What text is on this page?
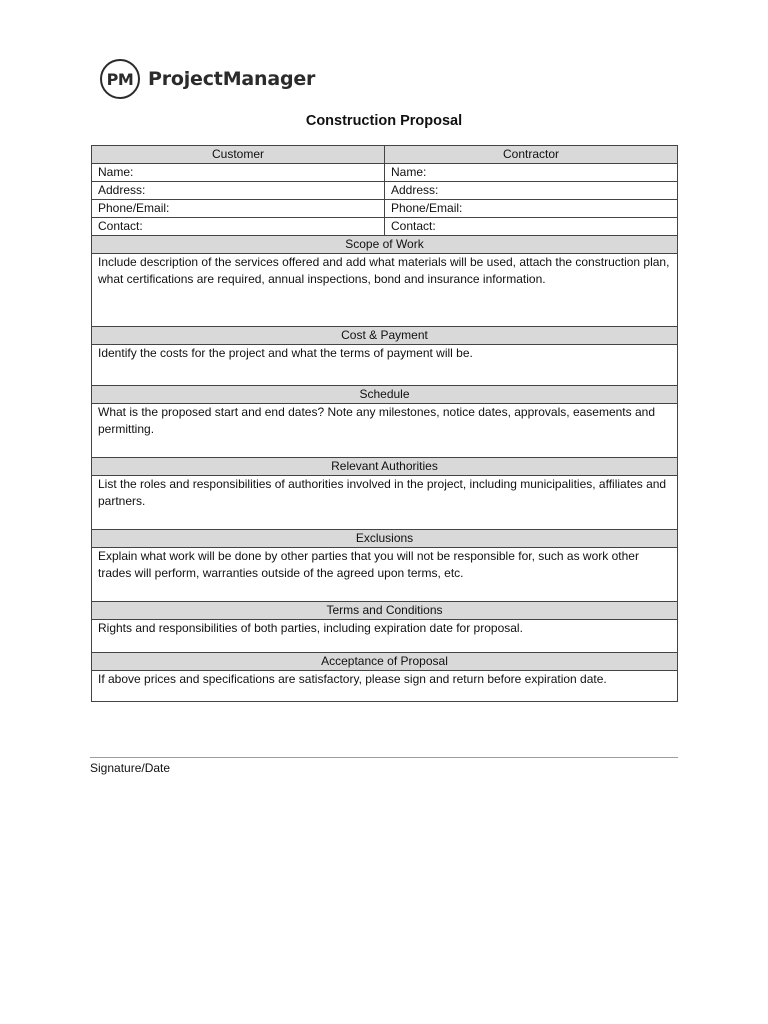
PM ProjectManager
Construction Proposal
Customer	Contractor
Name:	Name:
Address:	Address:
Phone/Email:	Phone/Email:
Contact:	Contact:
Scope of Work	
Include description of the services offered and add what materials will be used, attach the construction plan, what certifications are required, annual inspections, bond and insurance information.	
Cost & Payment	
Identify the costs for the project and what the terms of payment will be.	
Schedule	
What is the proposed start and end dates? Note any milestones, notice dates, approvals, easements and permitting.	
Relevant Authorities	
List the roles and responsibilities of authorities involved in the project, including municipalities, affiliates and partners.	
Exclusions	
Explain what work will be done by other parties that you will not be responsible for, such as work other trades will perform, warranties outside of the agreed upon terms, etc.	
Terms and Conditions	
Rights and responsibilities of both parties, including expiration date for proposal.	
Acceptance of Proposal	
If above prices and specifications are satisfactory, please sign and return before expiration date.	
Signature/Date
